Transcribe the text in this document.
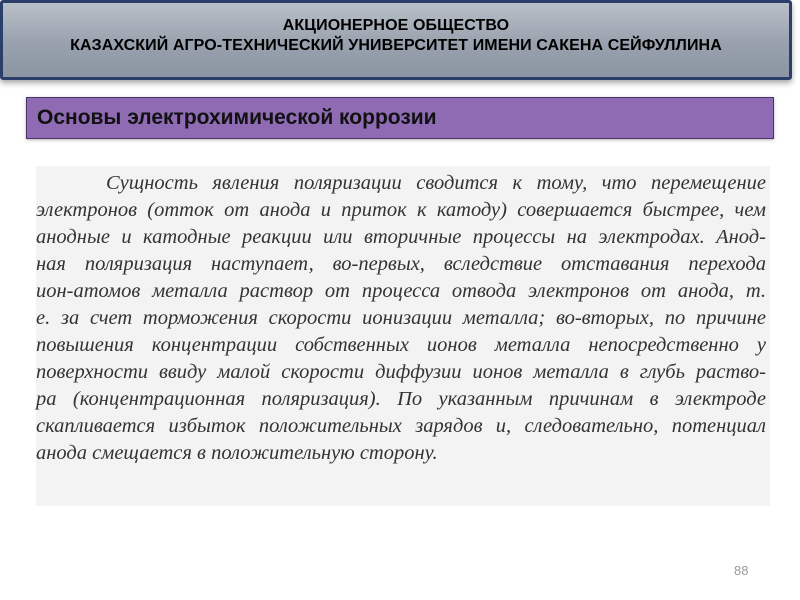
АКЦИОНЕРНОЕ ОБЩЕСТВО
КАЗАХСКИЙ АГРО-ТЕХНИЧЕСКИЙ УНИВЕРСИТЕТ ИМЕНИ САКЕНА СЕЙФУЛЛИНА
Основы электрохимической коррозии
Сущность явления поляризации сводится к тому, что перемещение
электронов (отток от анода и приток к катоду) совершается быстрее, чем
анодные и катодные реакции или вторичные процессы на электродах. Анод-
ная поляризация наступает, во-первых, вследствие отставания перехода
ион-атомов металла раствор от процесса отвода электронов от анода, т.
е. за счет торможения скорости ионизации металла; во-вторых, по причине
повышения концентрации собственных ионов металла непосредственно у
поверхности ввиду малой скорости диффузии ионов металла в глубь раство-
ра (концентрационная поляризация). По указанным причинам в электроде
скапливается избыток положительных зарядов и, следовательно, потенциал
анода смещается в положительную сторону.
88
